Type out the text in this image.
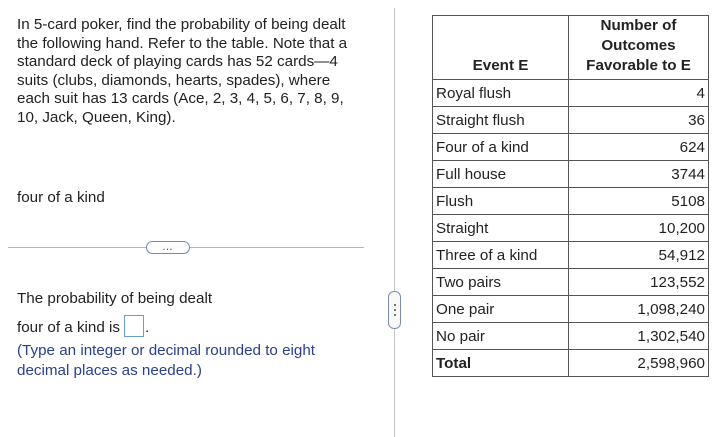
In 5-card poker, find the probability of being dealt the following hand. Refer to the table. Note that a standard deck of playing cards has 52 cards—4 suits (clubs, diamonds, hearts, spades), where each suit has 13 cards (Ace, 2, 3, 4, 5, 6, 7, 8, 9, 10, Jack, Queen, King).
four of a kind
…
The probability of being dealt
four of a kind is .
(Type an integer or decimal rounded to eight decimal places as needed.)
Event E	Number of Outcomes Favorable to E
Royal flush	4
Straight flush	36
Four of a kind	624
Full house	3744
Flush	5108
Straight	10,200
Three of a kind	54,912
Two pairs	123,552
One pair	1,098,240
No pair	1,302,540
Total	2,598,960
